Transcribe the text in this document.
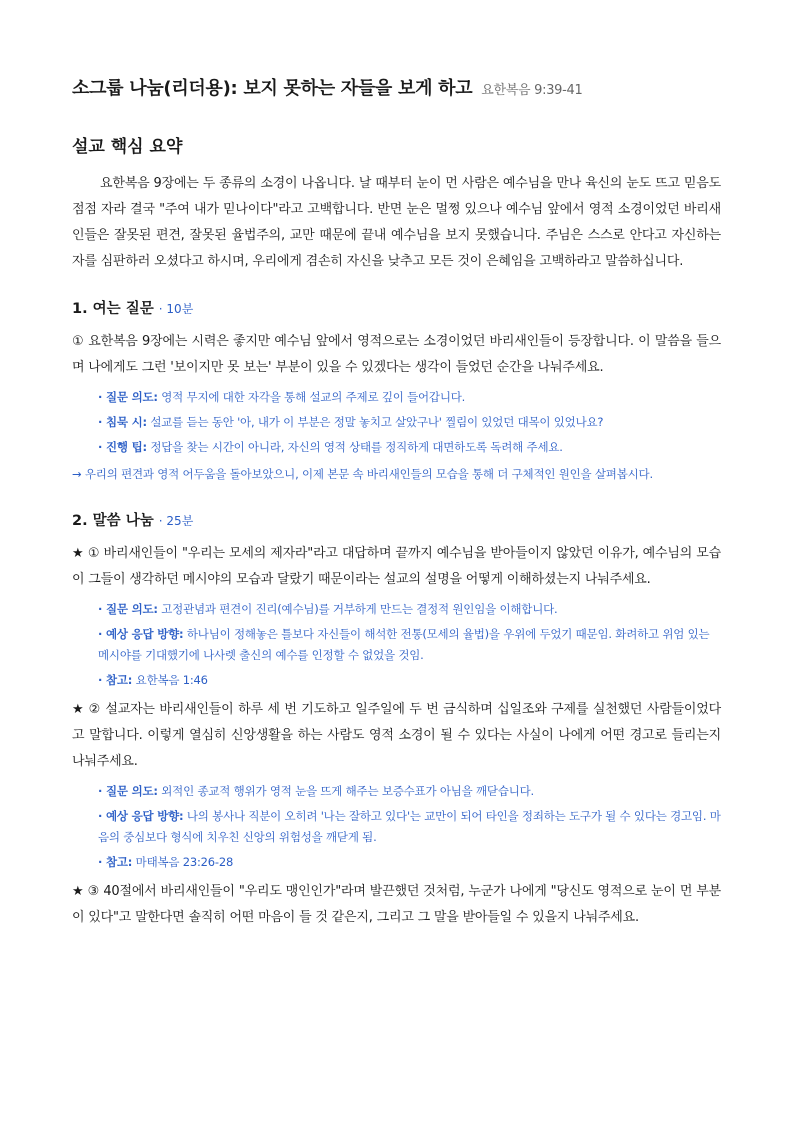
소그룹 나눔(리더용): 보지 못하는 자들을 보게 하고 요한복음 9:39-41
설교 핵심 요약

요한복음 9장에는 두 종류의 소경이 나옵니다. 날 때부터 눈이 먼 사람은 예수님을 만나 육신의 눈도 뜨고 믿음도 점점 자라 결국 "주여 내가 믿나이다"라고 고백합니다. 반면 눈은 멀쩡 있으나 예수님 앞에서 영적 소경이었던 바리새인들은 잘못된 편견, 잘못된 율법주의, 교만 때문에 끝내 예수님을 보지 못했습니다. 주님은 스스로 안다고 자신하는 자를 심판하러 오셨다고 하시며, 우리에게 겸손히 자신을 낮추고 모든 것이 은혜임을 고백하라고 말씀하십니다.

1. 여는 질문 · 10분

① 요한복음 9장에는 시력은 좋지만 예수님 앞에서 영적으로는 소경이었던 바리새인들이 등장합니다. 이 말씀을 들으며 나에게도 그런 '보이지만 못 보는' 부분이 있을 수 있겠다는 생각이 들었던 순간을 나눠주세요.

· 질문 의도: 영적 무지에 대한 자각을 통해 설교의 주제로 깊이 들어갑니다.
· 침묵 시: 설교를 듣는 동안 '아, 내가 이 부분은 정말 놓치고 살았구나' 찔림이 있었던 대목이 있었나요?
· 진행 팁: 정답을 찾는 시간이 아니라, 자신의 영적 상태를 정직하게 대면하도록 독려해 주세요.

→ 우리의 편견과 영적 어두움을 돌아보았으니, 이제 본문 속 바리새인들의 모습을 통해 더 구체적인 원인을 살펴봅시다.

2. 말씀 나눔 · 25분

★ ① 바리새인들이 "우리는 모세의 제자라"라고 대답하며 끝까지 예수님을 받아들이지 않았던 이유가, 예수님의 모습이 그들이 생각하던 메시야의 모습과 달랐기 때문이라는 설교의 설명을 어떻게 이해하셨는지 나눠주세요.

· 질문 의도: 고정관념과 편견이 진리(예수님)를 거부하게 만드는 결정적 원인임을 이해합니다.
· 예상 응답 방향: 하나님이 정해놓은 틀보다 자신들이 해석한 전통(모세의 율법)을 우위에 두었기 때문임. 화려하고 위엄 있는 메시야를 기대했기에 나사렛 출신의 예수를 인정할 수 없었을 것임.
· 참고: 요한복음 1:46

★ ② 설교자는 바리새인들이 하루 세 번 기도하고 일주일에 두 번 금식하며 십일조와 구제를 실천했던 사람들이었다고 말합니다. 이렇게 열심히 신앙생활을 하는 사람도 영적 소경이 될 수 있다는 사실이 나에게 어떤 경고로 들리는지 나눠주세요.

· 질문 의도: 외적인 종교적 행위가 영적 눈을 뜨게 해주는 보증수표가 아님을 깨닫습니다.
· 예상 응답 방향: 나의 봉사나 직분이 오히려 '나는 잘하고 있다'는 교만이 되어 타인을 정죄하는 도구가 될 수 있다는 경고임. 마음의 중심보다 형식에 치우친 신앙의 위험성을 깨닫게 됨.
· 참고: 마태복음 23:26-28

★ ③ 40절에서 바리새인들이 "우리도 맹인인가"라며 발끈했던 것처럼, 누군가 나에게 "당신도 영적으로 눈이 먼 부분이 있다"고 말한다면 솔직히 어떤 마음이 들 것 같은지, 그리고 그 말을 받아들일 수 있을지 나눠주세요.
